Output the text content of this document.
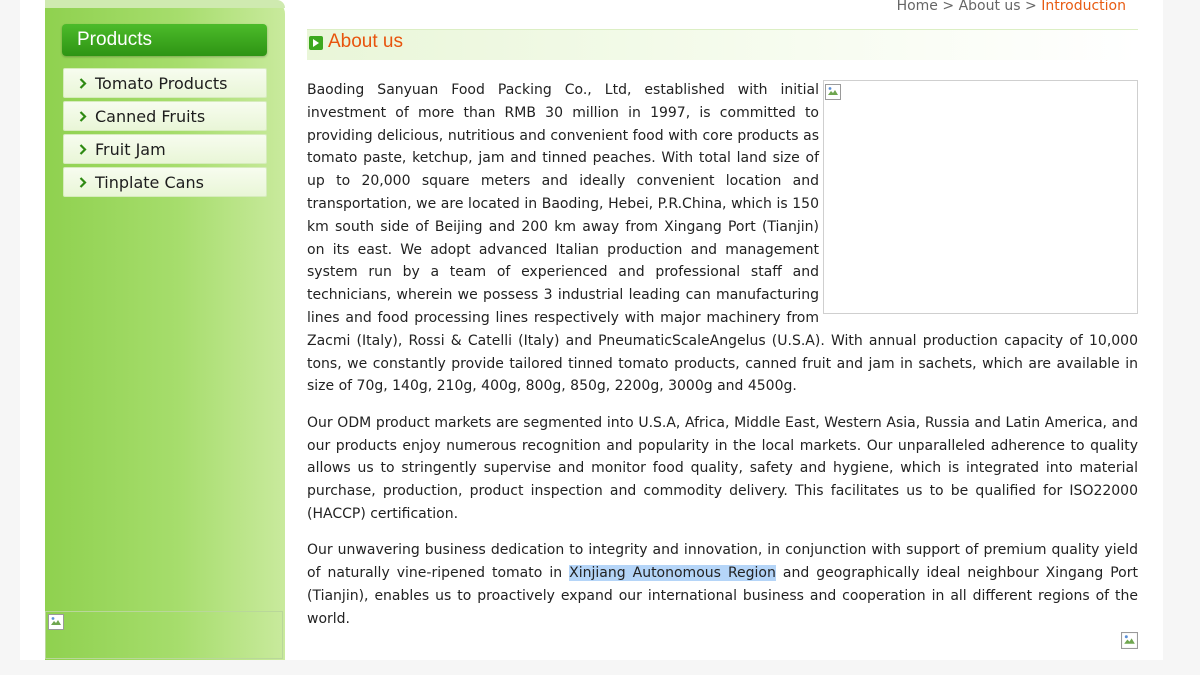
Products
Tomato Products
Canned Fruits
Fruit Jam
Tinplate Cans
Home > About us > Introduction
About us

Baoding Sanyuan Food Packing Co., Ltd, established with initial investment of more than RMB 30 million in 1997, is committed to providing delicious, nutritious and convenient food with core products as tomato paste, ketchup, jam and tinned peaches. With total land size of up to 20,000 square meters and ideally convenient location and transportation, we are located in Baoding, Hebei, P.R.China, which is 150 km south side of Beijing and 200 km away from Xingang Port (Tianjin) on its east. We adopt advanced Italian production and management system run by a team of experienced and professional staff and technicians, wherein we possess 3 industrial leading can manufacturing lines and food processing lines respectively with major machinery from Zacmi (Italy), Rossi & Catelli (Italy) and PneumaticScaleAngelus (U.S.A). With annual production capacity of 10,000 tons, we constantly provide tailored tinned tomato products, canned fruit and jam in sachets, which are available in size of 70g, 140g, 210g, 400g, 800g, 850g, 2200g, 3000g and 4500g.

Our ODM product markets are segmented into U.S.A, Africa, Middle East, Western Asia, Russia and Latin America, and our products enjoy numerous recognition and popularity in the local markets. Our unparalleled adherence to quality allows us to stringently supervise and monitor food quality, safety and hygiene, which is integrated into material purchase, production, product inspection and commodity delivery. This facilitates us to be qualified for ISO22000 (HACCP) certification.

Our unwavering business dedication to integrity and innovation, in conjunction with support of premium quality yield of naturally vine-ripened tomato in Xinjiang Autonomous Region and geographically ideal neighbour Xingang Port (Tianjin), enables us to proactively expand our international business and cooperation in all different regions of the world.
